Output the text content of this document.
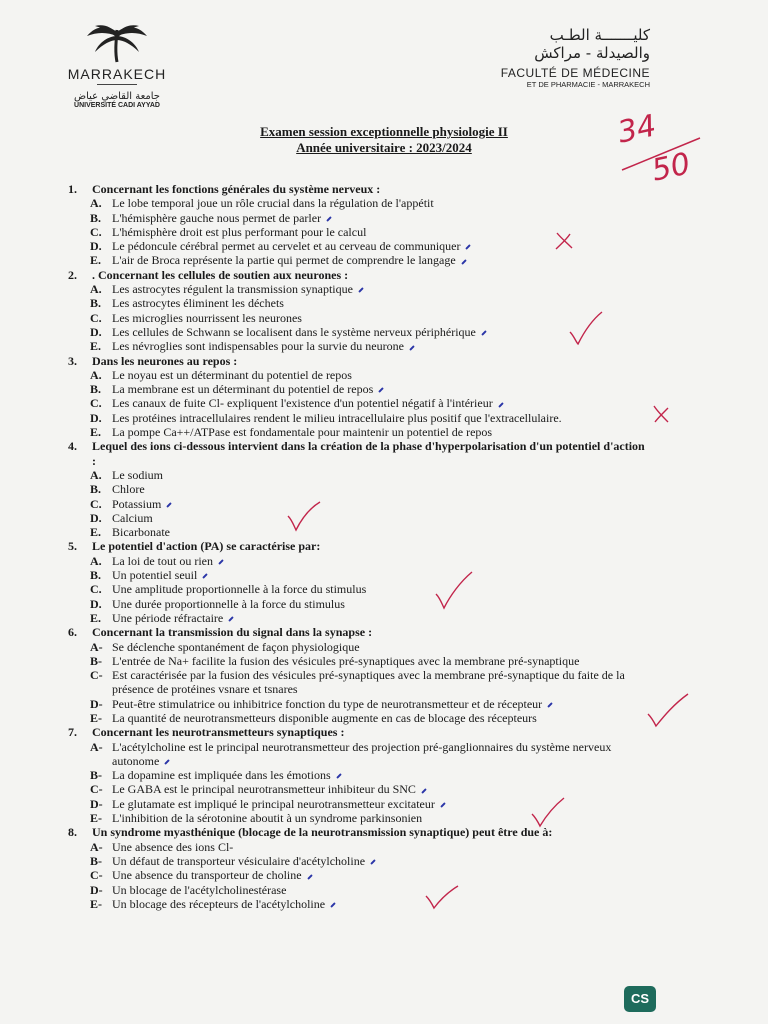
MARRAKECH
جامعة القاضي عياض
UNIVERSITÉ CADI AYYAD
كليـــــــة الطـب
والصيدلة - مراكش
FACULTÉ DE MÉDECINE
ET DE PHARMACIE - MARRAKECH
Examen session exceptionnelle physiologie II
Année universitaire : 2023/2024	34
50
1.	Concernant les fonctions générales du système nerveux :
A. Le lobe temporal joue un rôle crucial dans la régulation de l'appétit
B. L'hémisphère gauche nous permet de parler
C. L'hémisphère droit est plus performant pour le calcul
D. Le pédoncule cérébral permet au cervelet et au cerveau de communiquer
E. L'air de Broca représente la partie qui permet de comprendre le langage
2.	. Concernant les cellules de soutien aux neurones :
A. Les astrocytes régulent la transmission synaptique
B. Les astrocytes éliminent les déchets
C. Les microglies nourrissent les neurones
D. Les cellules de Schwann se localisent dans le système nerveux périphérique
E. Les névroglies sont indispensables pour la survie du neurone
3.	Dans les neurones au repos :
A. Le noyau est un déterminant du potentiel de repos
B. La membrane est un déterminant du potentiel de repos
C. Les canaux de fuite Cl- expliquent l'existence d'un potentiel négatif à l'intérieur
D. Les protéines intracellulaires rendent le milieu intracellulaire plus positif que l'extracellulaire.
E. La pompe Ca++/ATPase est fondamentale pour maintenir un potentiel de repos
4.	Lequel des ions ci-dessous intervient dans la création de la phase d'hyperpolarisation d'un potentiel d'action :
A. Le sodium
B. Chlore
C. Potassium
D. Calcium
E. Bicarbonate
5.	Le potentiel d'action (PA) se caractérise par:
A. La loi de tout ou rien
B. Un potentiel seuil
C. Une amplitude proportionnelle à la force du stimulus
D. Une durée proportionnelle à la force du stimulus
E. Une période réfractaire
6.	Concernant la transmission du signal dans la synapse :
A- Se déclenche spontanément de façon physiologique
B- L'entrée de Na+ facilite la fusion des vésicules pré-synaptiques avec la membrane pré-synaptique
C- Est caractérisée par la fusion des vésicules pré-synaptiques avec la membrane pré-synaptique du faite de la présence de protéines vsnare et tsnares
D- Peut-être stimulatrice ou inhibitrice fonction du type de neurotransmetteur et de récepteur
E- La quantité de neurotransmetteurs disponible augmente en cas de blocage des récepteurs
7.	Concernant les neurotransmetteurs synaptiques :
A- L'acétylcholine est le principal neurotransmetteur des projection pré-ganglionnaires du système nerveux autonome
B- La dopamine est impliquée dans les émotions
C- Le GABA est le principal neurotransmetteur inhibiteur du SNC
D- Le glutamate est impliqué le principal neurotransmetteur excitateur
E- L'inhibition de la sérotonine aboutit à un syndrome parkinsonien
8.	Un syndrome myasthénique (blocage de la neurotransmission synaptique) peut être due à:
A- Une absence des ions Cl-
B- Un défaut de transporteur vésiculaire d'acétylcholine
C- Une absence du transporteur de choline
D- Un blocage de l'acétylcholinestérase
E- Un blocage des récepteurs de l'acétylcholine
CS
